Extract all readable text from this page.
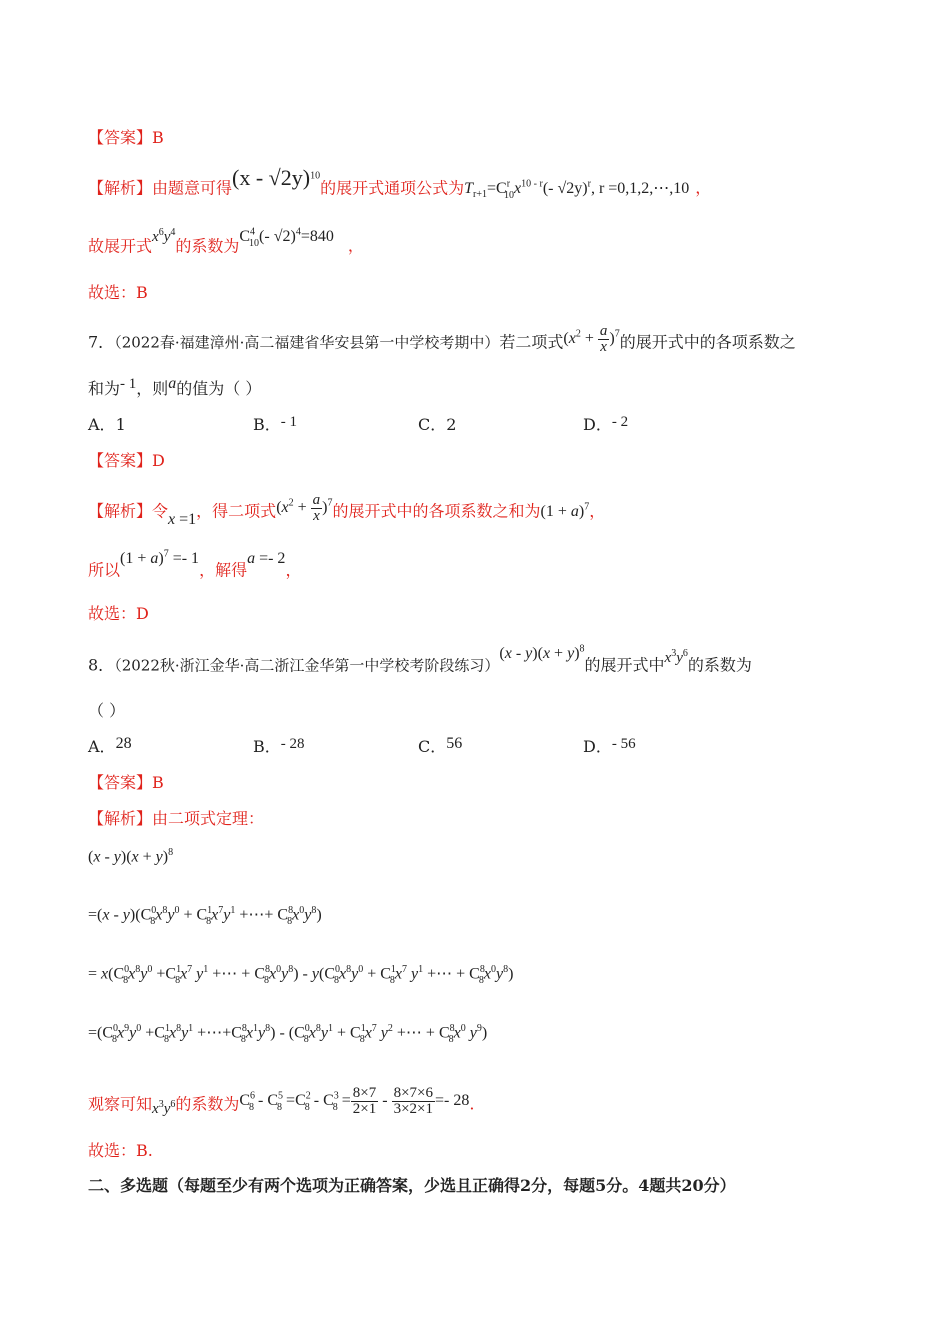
【答案】B
【解析】由题意可得(x - √2y)$^{10}$的展开式通项公式为$T_{r+1}=C^r_{10}x^{10 - r}(-$ √2y)$^r$, r =0,1,2,⋯,10 ，
故展开式$x^6y^4$的系数为$C^4_{10}(-$ √2)$^4$=840 ，
故选：B
7．（2022春·福建漳州·高二福建省华安县第一中学校考期中）若二项式$(x^2 + \frac{a}{x} )^7$的展开式中的各项系数之
和为- 1，则a的值为（ ）
A．1	B．- 1	C．2	D．- 2
【答案】D
【解析】令x =1，得二项式$(x^2 + \frac{a}{x} )^7$的展开式中的各项系数之和为$(1 + a)^7$，
所以$(1 + a)^7 =- 1$，解得a =- 2，
故选：D
8．（2022秋·浙江金华·高二浙江金华第一中学校考阶段练习）$(x - y)(x + y)^8$的展开式中$x^3y^6$的系数为
（ ）
A．28	B．- 28	C．56	D．- 56
【答案】B
【解析】由二项式定理：
$(x - y)(x + y)^8$
$=(x - y)(C^0_8x^8y^0 + C^1_8x^7y^1$ +⋯+ $C^8_8x^0y^8$)
= $x(C^0_8x^8y^0 +C^1_8x^7$ $y^1$ +⋯ + $C^8_8x^0y^8) - y(C^0_8x^8y^0 + C^1_8x^7$ $y^1$ +⋯ + $C^8_8x^0y^8$)
$=(C^0_8x^9y^0 +C^1_8x^8y^1$ $+\cdots+C^8_8x^1y^8) - (C^0_8x^8y^1 + C^1_8x^7$ $y^2$ +⋯ + $C^8_8x^0$ $y^9$)
观察可知$x^3y^6$的系数为$C^6_8 - C^5_8 =C^2_8 - C^3_8 = \frac{8\times 7}{2\times 1} - \frac{8\times 7\times 6}{3\times 2\times 1} =- 28$.
故选：B.
二、多选题（每题至少有两个选项为正确答案，少选且正确得2分，每题5分。4题共20分）
